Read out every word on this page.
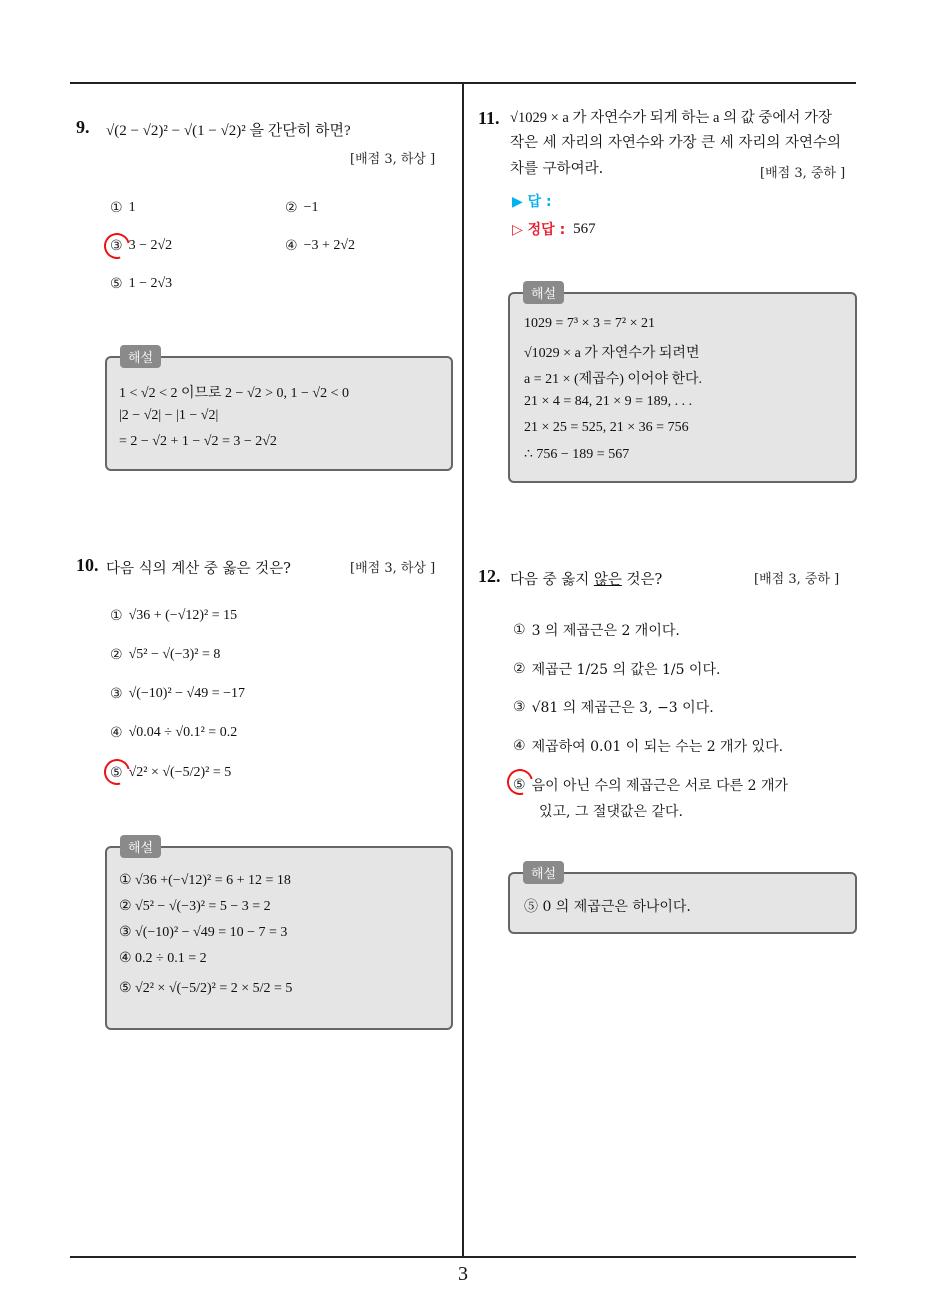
3
9. √(2 − √2)² − √(1 − √2)² 을 간단히 하면?
[배점 3, 하상 ]
① 1	② −1
③ 3 − 2√2	④ −3 + 2√2
⑤ 1 − 2√3
1 < √2 < 2 이므로 2 − √2 > 0, 1 − √2 < 0
|2 − √2| − |1 − √2|
= 2 − √2 + 1 − √2 = 3 − 2√2
해설
10. 다음 식의 계산 중 옳은 것은?	[배점 3, 하상 ]
① √36 + (−√12)² = 15
② √5² − √(−3)² = 8
③ √(−10)² − √49 = −17
④ √0.04 ÷ √0.1² = 0.2
⑤ √2² × √(−5/2)² = 5
① √36 +(−√12)² = 6 + 12 = 18
② √5² − √(−3)² = 5 − 3 = 2
③ √(−10)² − √49 = 10 − 7 = 3
④ 0.2 ÷ 0.1 = 2
⑤ √2² × √(−5/2)² = 2 × 5/2 = 5
해설
11. √1029 × a 가 자연수가 되게 하는 a 의 값 중에서 가장
작은 세 자리의 자연수와 가장 큰 세 자리의 자연수의
차를 구하여라.	[배점 3, 중하 ]
▶ 답 :
▷ 정답 : 567
1029 = 7³ × 3 = 7² × 21
√1029 × a 가 자연수가 되려면
a = 21 × (제곱수) 이어야 한다.
21 × 4 = 84, 21 × 9 = 189, . . .
21 × 25 = 525, 21 × 36 = 756
∴ 756 − 189 = 567
해설
12. 다음 중 옳지 않은 것은?	[배점 3, 중하 ]
① 3 의 제곱근은 2 개이다.
② 제곱근 1/25 의 값은 1/5 이다.
③ √81 의 제곱근은 3, −3 이다.
④ 제곱하여 0.01 이 되는 수는 2 개가 있다.
⑤ 음이 아닌 수의 제곱근은 서로 다른 2 개가
있고, 그 절댓값은 같다.
⑤ 0 의 제곱근은 하나이다.
해설
